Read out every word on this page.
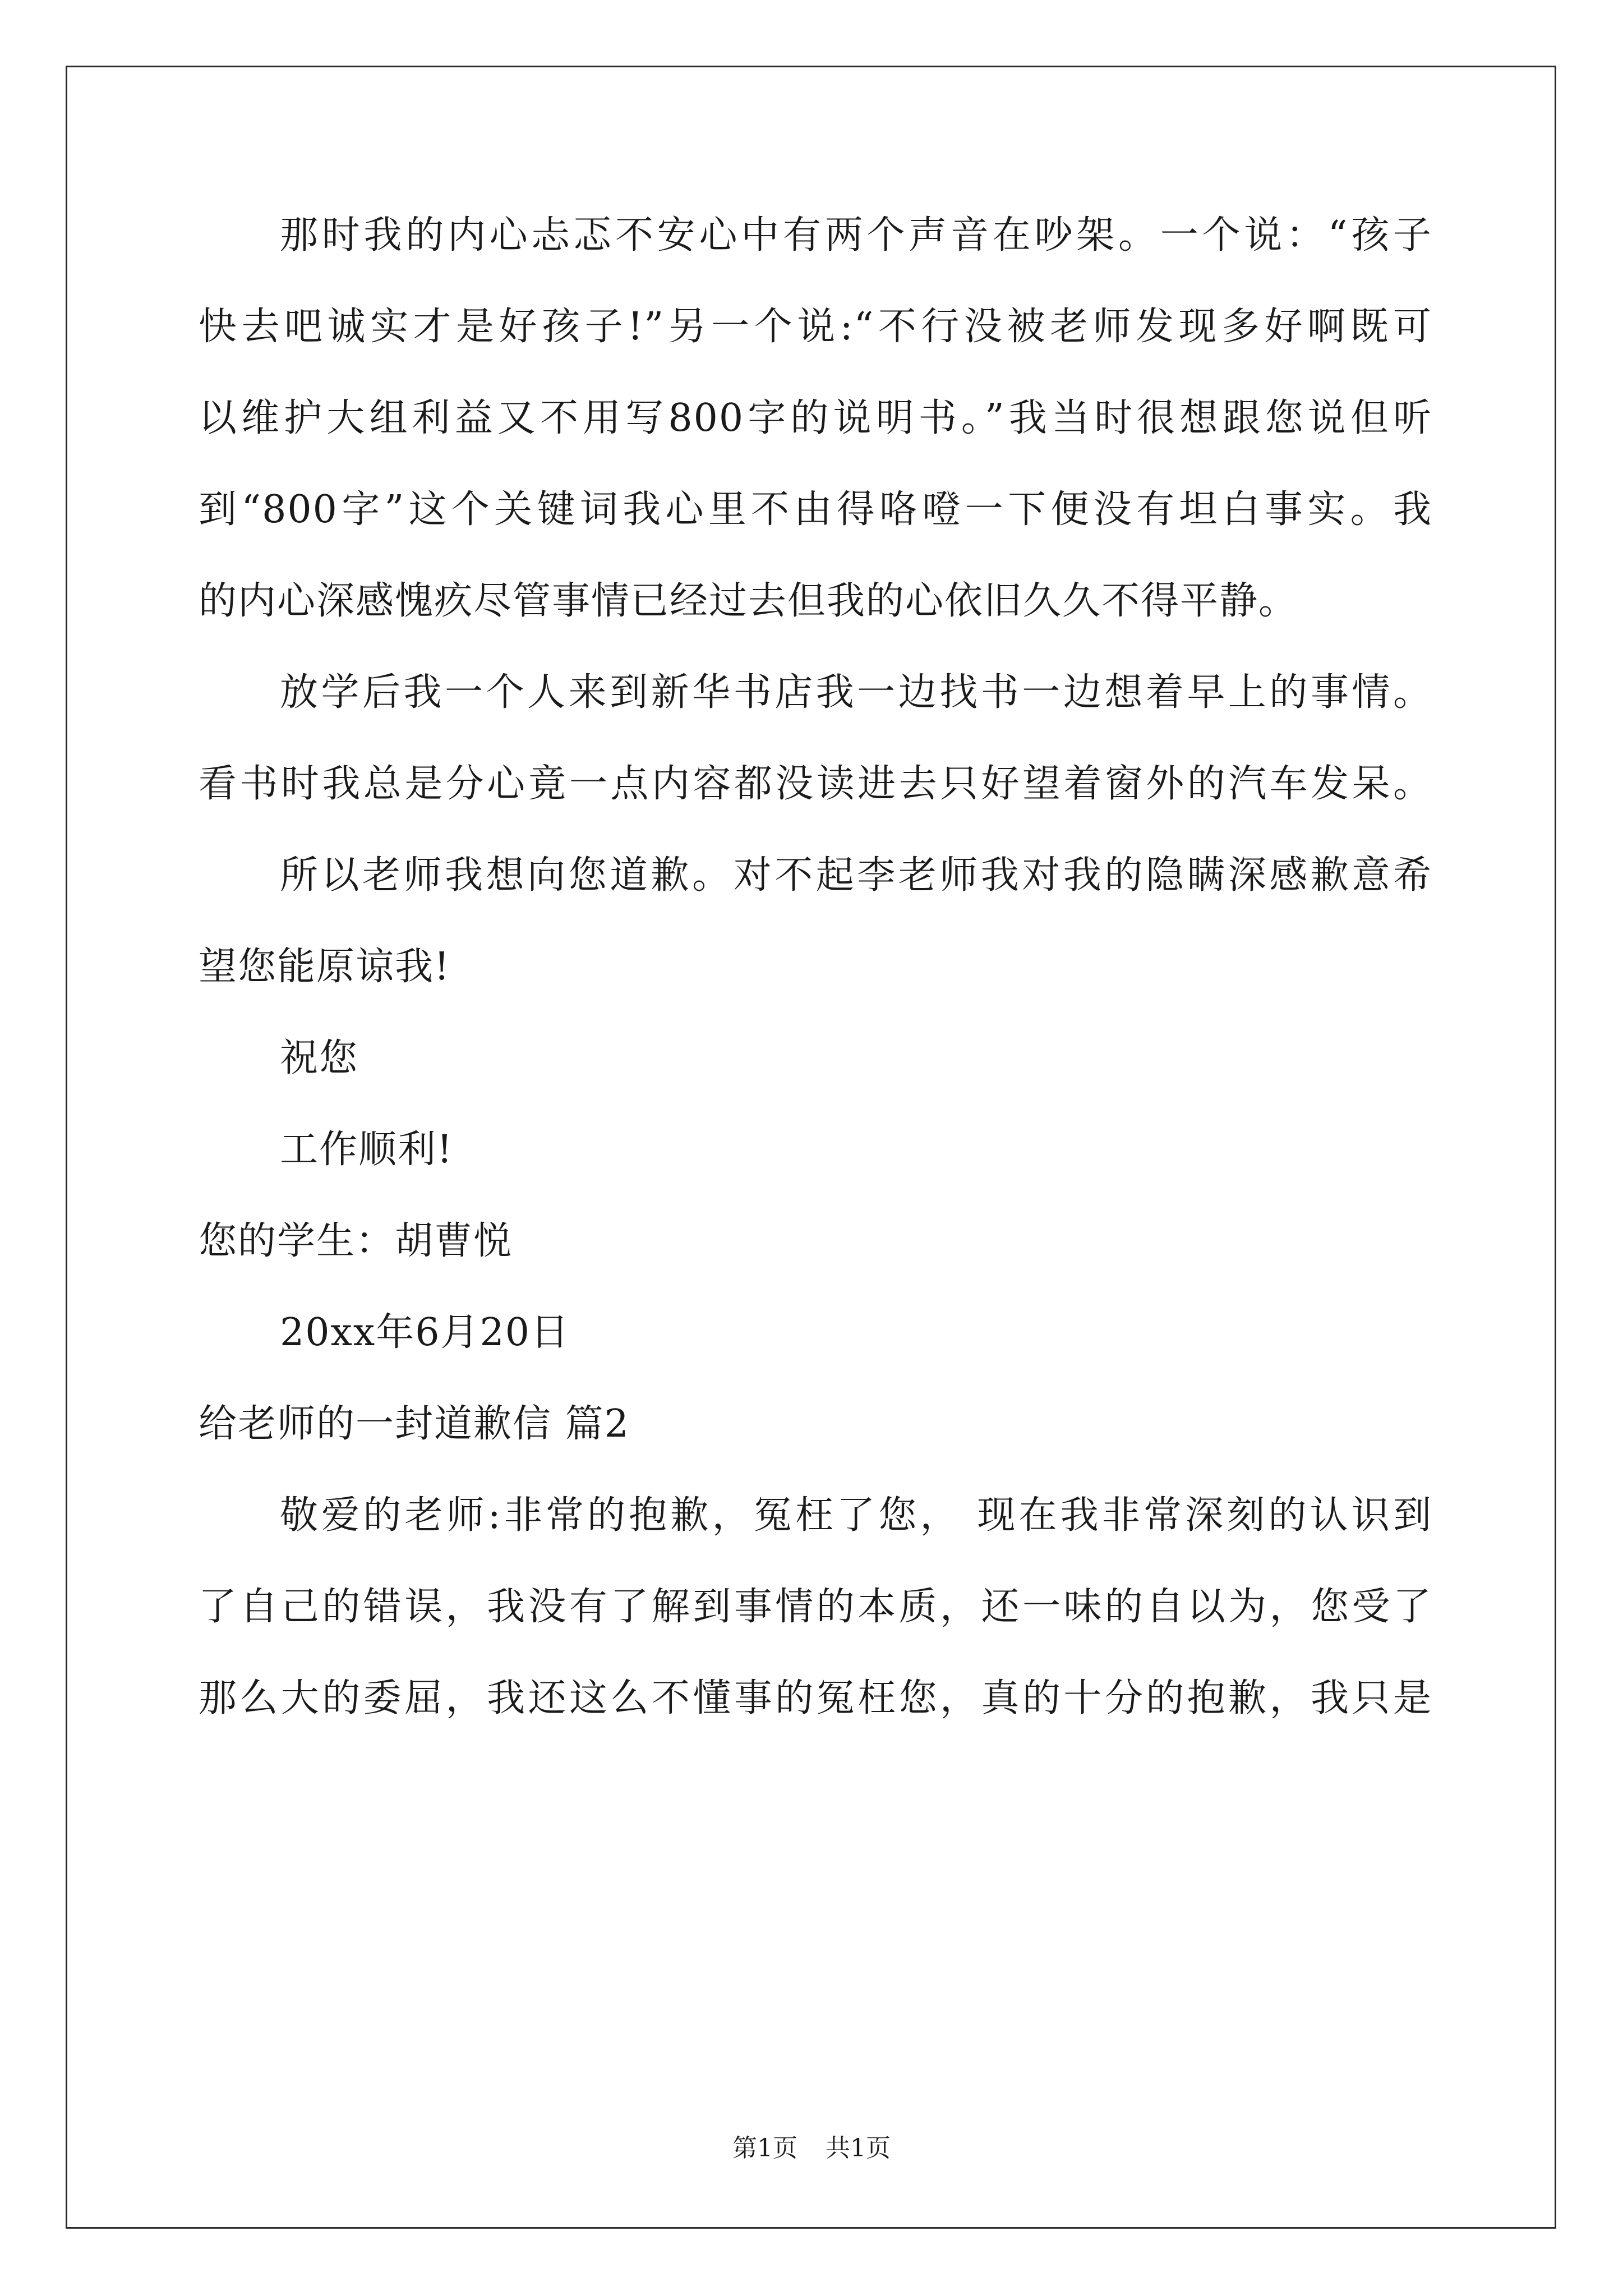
那时我的内心忐忑不安心中有两个声音在吵架。一个说：“孩子
快去吧诚实才是好孩子!”另一个说:“不行没被老师发现多好啊既可
以维护大组利益又不用写800字的说明书。”我当时很想跟您说但听
到“800字”这个关键词我心里不由得咯噔一下便没有坦白事实。我
的内心深感愧疚尽管事情已经过去但我的心依旧久久不得平静。
放学后我一个人来到新华书店我一边找书一边想着早上的事情。
看书时我总是分心竟一点内容都没读进去只好望着窗外的汽车发呆。
所以老师我想向您道歉。对不起李老师我对我的隐瞒深感歉意希
望您能原谅我!
祝您
工作顺利!
您的学生：胡曹悦
20xx年6月20日
给老师的一封道歉信 篇2
敬爱的老师:非常的抱歉，冤枉了您， 现在我非常深刻的认识到
了自己的错误，我没有了解到事情的本质，还一味的自以为，您受了
那么大的委屈，我还这么不懂事的冤枉您，真的十分的抱歉，我只是
第1页 共1页
